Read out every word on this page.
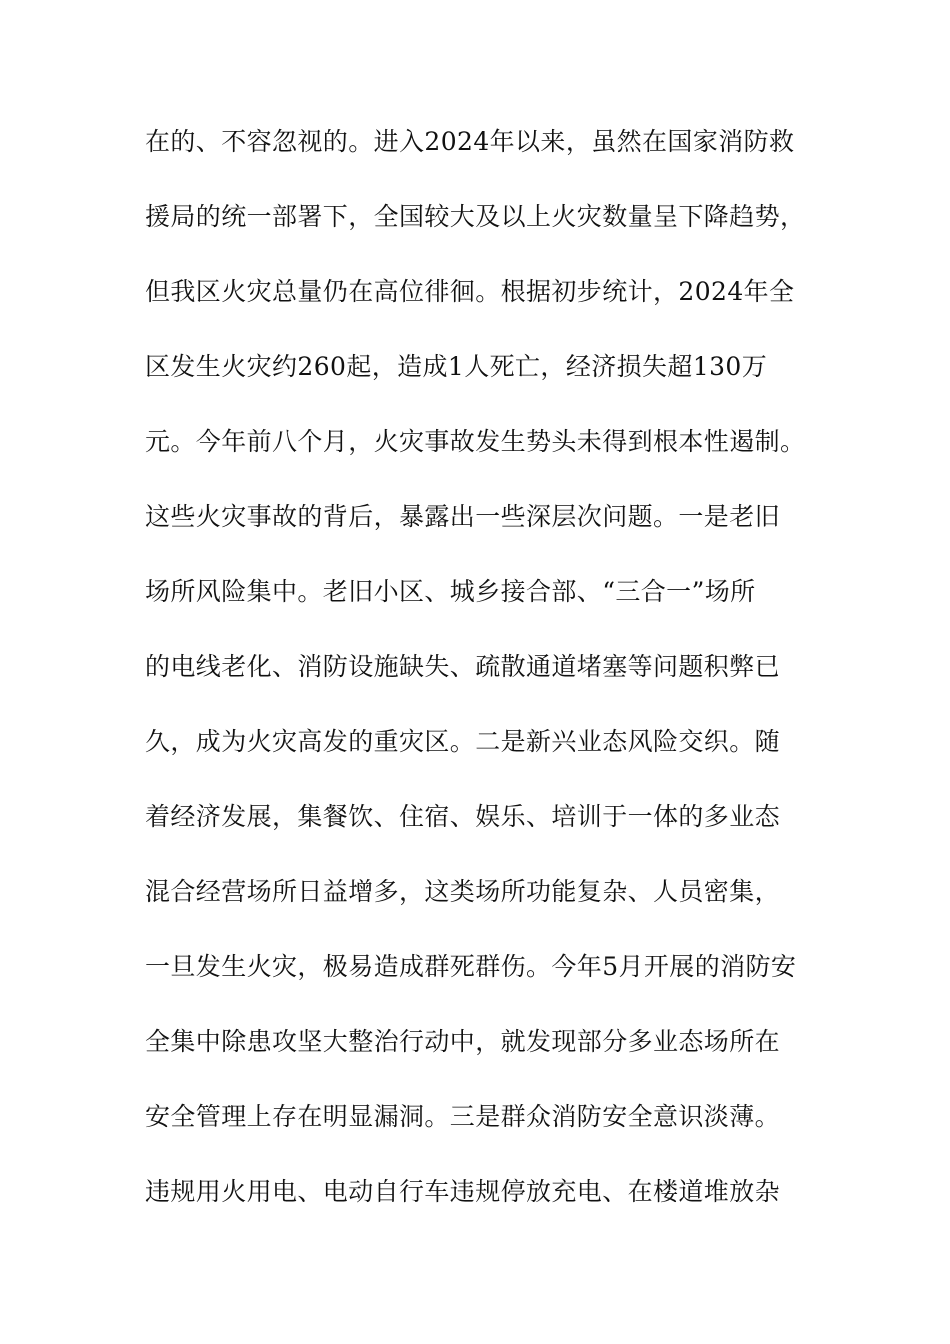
在的、不容忽视的。进入2024年以来，虽然在国家消防救
援局的统一部署下，全国较大及以上火灾数量呈下降趋势，
但我区火灾总量仍在高位徘徊。根据初步统计，2024年全
区发生火灾约260起，造成1人死亡，经济损失超130万
元。今年前八个月，火灾事故发生势头未得到根本性遏制。
这些火灾事故的背后，暴露出一些深层次问题。一是老旧
场所风险集中。老旧小区、城乡接合部、“三合一”场所
的电线老化、消防设施缺失、疏散通道堵塞等问题积弊已
久，成为火灾高发的重灾区。二是新兴业态风险交织。随
着经济发展，集餐饮、住宿、娱乐、培训于一体的多业态
混合经营场所日益增多，这类场所功能复杂、人员密集，
一旦发生火灾，极易造成群死群伤。今年5月开展的消防安
全集中除患攻坚大整治行动中，就发现部分多业态场所在
安全管理上存在明显漏洞。三是群众消防安全意识淡薄。
违规用火用电、电动自行车违规停放充电、在楼道堆放杂
